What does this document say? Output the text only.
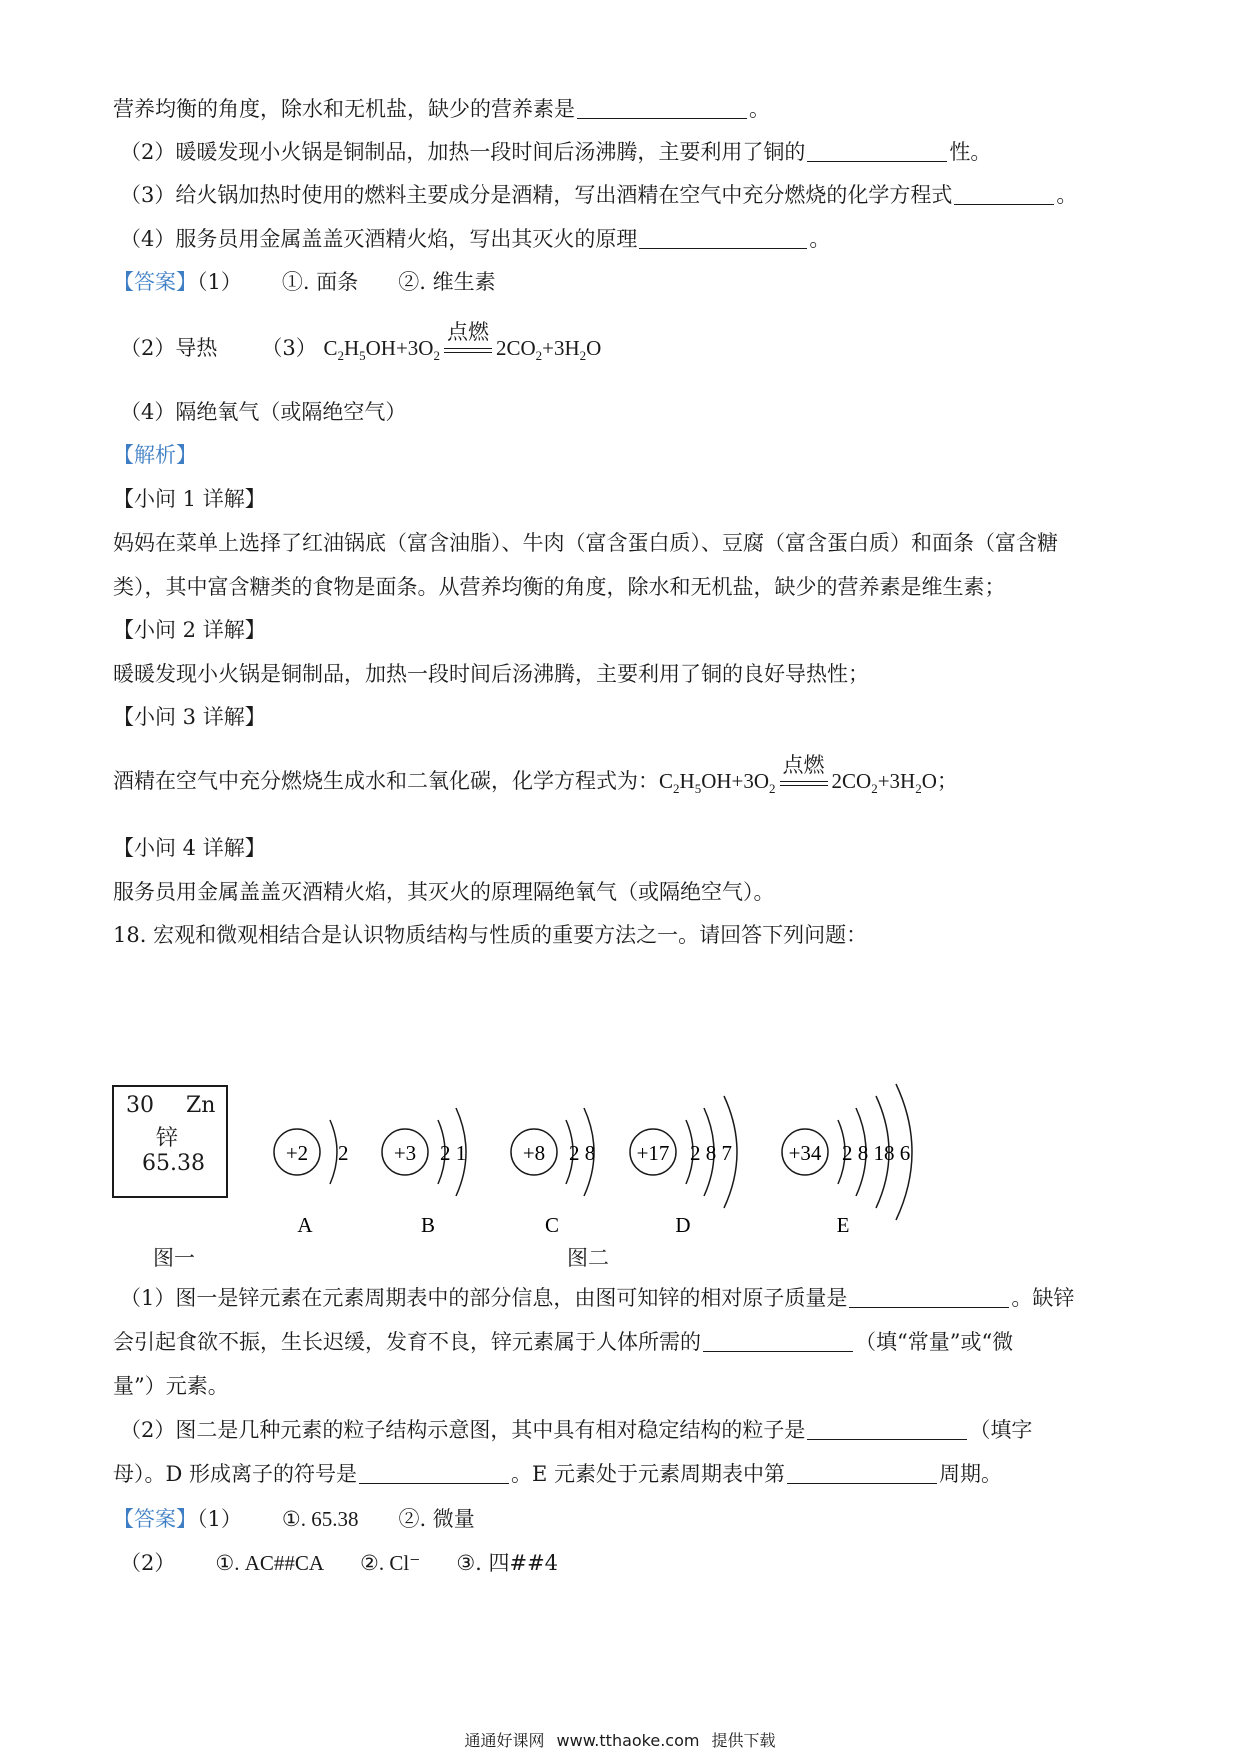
营养均衡的角度，除水和无机盐，缺少的营养素是	。
（2）暖暖发现小火锅是铜制品，加热一段时间后汤沸腾，主要利用了铜的	性。
（3）给火锅加热时使用的燃料主要成分是酒精，写出酒精在空气中充分燃烧的化学方程式	。
（4）服务员用金属盖盖灭酒精火焰，写出其灭火的原理	。
【答案】（1） ①. 面条 ②. 维生素
（2）导热 （3） $C_2H_5OH+3O_2$
点燃
$2CO_2+3H_2O$
（4）隔绝氧气（或隔绝空气）
【解析】
【小问 1 详解】
妈妈在菜单上选择了红油锅底（富含油脂）、牛肉（富含蛋白质）、豆腐（富含蛋白质）和面条（富含糖
类），其中富含糖类的食物是面条。从营养均衡的角度，除水和无机盐，缺少的营养素是维生素；
【小问 2 详解】
暖暖发现小火锅是铜制品，加热一段时间后汤沸腾，主要利用了铜的良好导热性；
【小问 3 详解】
酒精在空气中充分燃烧生成水和二氧化碳，化学方程式为：$C_2H_5OH+3O_2$
点燃
$2CO_2+3H_2O$；
【小问 4 详解】
服务员用金属盖盖灭酒精火焰，其灭火的原理隔绝氧气（或隔绝空气）。
18. 宏观和微观相结合是认识物质结构与性质的重要方法之一。请回答下列问题：
30 Zn
锌
65.38	+2 2
A
+3 2 1
B
+8 2 8
C
+17 2 8 7
D
+34 2 8 18 6
E
图一	图二
（1）图一是锌元素在元素周期表中的部分信息，由图可知锌的相对原子质量是	。缺锌
会引起食欲不振，生长迟缓，发育不良，锌元素属于人体所需的	（填“常量”或“微
量”）元素。
（2）图二是几种元素的粒子结构示意图，其中具有相对稳定结构的粒子是	（填字
母）。D 形成离子的符号是	。E 元素处于元素周期表中第	周期。
【答案】（1） ①. 65.38 ②. 微量
（2） ①. AC##CA ②. Cl⁻ ③. 四##4
通通好课网 www.tthaoke.com 提供下载
